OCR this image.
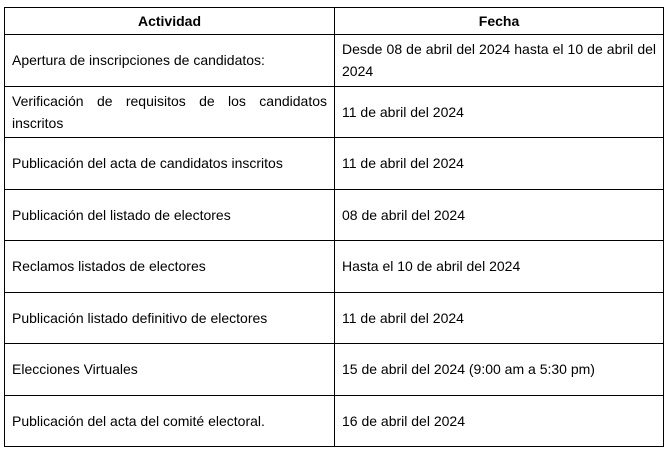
Actividad	Fecha
Apertura de inscripciones de candidatos:	Desde 08 de abril del 2024 hasta el 10 de abril del 2024
Verificación de requisitos de los candidatos inscritos	11 de abril del 2024
Publicación del acta de candidatos inscritos	11 de abril del 2024
Publicación del listado de electores	08 de abril del 2024
Reclamos listados de electores	Hasta el 10 de abril del 2024
Publicación listado definitivo de electores	11 de abril del 2024
Elecciones Virtuales	15 de abril del 2024 (9:00 am a 5:30 pm)
Publicación del acta del comité electoral.	16 de abril del 2024
